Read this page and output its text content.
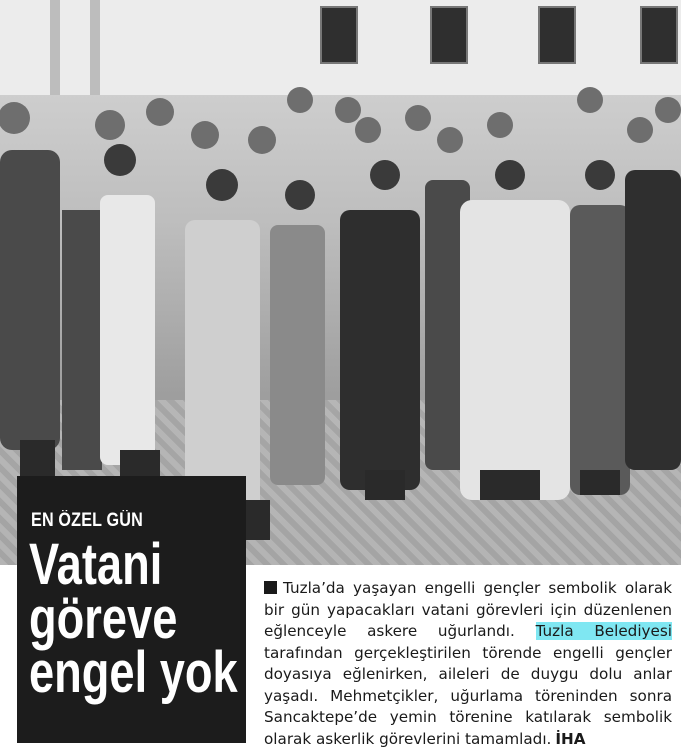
EN ÖZEL GÜN
Vatani
göreve
engel yok
Tuzla’da yaşayan engelli gençler sembolik olarak bir gün yapacakları vatani görevleri için düzenlenen eğlenceyle askere uğurlandı. Tuzla Belediyesi tarafından gerçekleştirilen törende engelli gençler doyasıya eğlenirken, aileleri de duygu dolu anlar yaşadı. Mehmetçikler, uğurlama töreninden sonra Sancaktepe’de yemin törenine katılarak sembolik olarak askerlik görevlerini tamamladı. İHA
